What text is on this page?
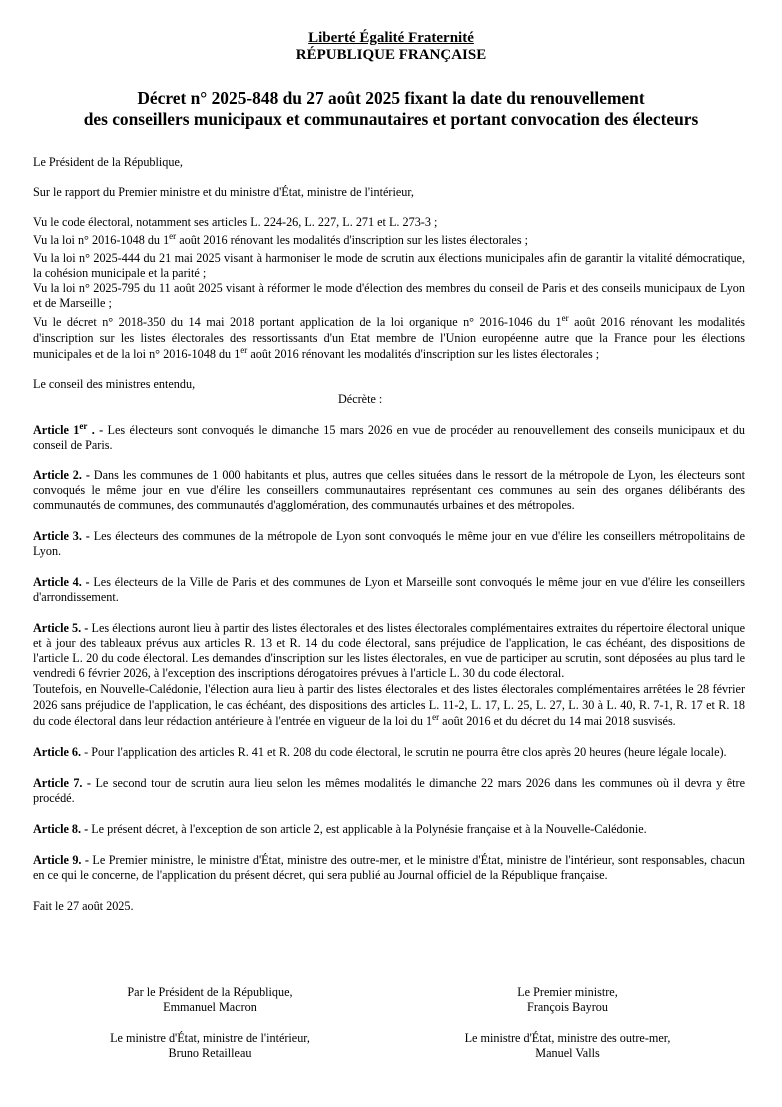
Liberté Égalité Fraternité
RÉPUBLIQUE FRANÇAISE
Décret n° 2025-848 du 27 août 2025 fixant la date du renouvellement
des conseillers municipaux et communautaires et portant convocation des électeurs

Le Président de la République,

Sur le rapport du Premier ministre et du ministre d'État, ministre de l'intérieur,

Vu le code électoral, notamment ses articles L. 224-26, L. 227, L. 271 et L. 273-3 ;

Vu la loi n° 2016-1048 du 1er août 2016 rénovant les modalités d'inscription sur les listes électorales ;

Vu la loi n° 2025-444 du 21 mai 2025 visant à harmoniser le mode de scrutin aux élections municipales afin de garantir la vitalité démocratique, la cohésion municipale et la parité ;

Vu la loi n° 2025-795 du 11 août 2025 visant à réformer le mode d'élection des membres du conseil de Paris et des conseils municipaux de Lyon et de Marseille ;

Vu le décret n° 2018-350 du 14 mai 2018 portant application de la loi organique n° 2016-1046 du 1er août 2016 rénovant les modalités d'inscription sur les listes électorales des ressortissants d'un Etat membre de l'Union européenne autre que la France pour les élections municipales et de la loi n° 2016-1048 du 1er août 2016 rénovant les modalités d'inscription sur les listes électorales ;

Le conseil des ministres entendu,

Décrète :

Article 1er . - Les électeurs sont convoqués le dimanche 15 mars 2026 en vue de procéder au renouvellement des conseils municipaux et du conseil de Paris.

Article 2. - Dans les communes de 1 000 habitants et plus, autres que celles situées dans le ressort de la métropole de Lyon, les électeurs sont convoqués le même jour en vue d'élire les conseillers communautaires représentant ces communes au sein des organes délibérants des communautés de communes, des communautés d'agglomération, des communautés urbaines et des métropoles.

Article 3. - Les électeurs des communes de la métropole de Lyon sont convoqués le même jour en vue d'élire les conseillers métropolitains de Lyon.

Article 4. - Les électeurs de la Ville de Paris et des communes de Lyon et Marseille sont convoqués le même jour en vue d'élire les conseillers d'arrondissement.

Article 5. - Les élections auront lieu à partir des listes électorales et des listes électorales complémentaires extraites du répertoire électoral unique et à jour des tableaux prévus aux articles R. 13 et R. 14 du code électoral, sans préjudice de l'application, le cas échéant, des dispositions de l'article L. 20 du code électoral. Les demandes d'inscription sur les listes électorales, en vue de participer au scrutin, sont déposées au plus tard le vendredi 6 février 2026, à l'exception des inscriptions dérogatoires prévues à l'article L. 30 du code électoral.

Toutefois, en Nouvelle-Calédonie, l'élection aura lieu à partir des listes électorales et des listes électorales complémentaires arrêtées le 28 février 2026 sans préjudice de l'application, le cas échéant, des dispositions des articles L. 11-2, L. 17, L. 25, L. 27, L. 30 à L. 40, R. 7-1, R. 17 et R. 18 du code électoral dans leur rédaction antérieure à l'entrée en vigueur de la loi du 1er août 2016 et du décret du 14 mai 2018 susvisés.

Article 6. - Pour l'application des articles R. 41 et R. 208 du code électoral, le scrutin ne pourra être clos après 20 heures (heure légale locale).

Article 7. - Le second tour de scrutin aura lieu selon les mêmes modalités le dimanche 22 mars 2026 dans les communes où il devra y être procédé.

Article 8. - Le présent décret, à l'exception de son article 2, est applicable à la Polynésie française et à la Nouvelle-Calédonie.

Article 9. - Le Premier ministre, le ministre d'État, ministre des outre-mer, et le ministre d'État, ministre de l'intérieur, sont responsables, chacun en ce qui le concerne, de l'application du présent décret, qui sera publié au Journal officiel de la République française.

Fait le 27 août 2025.

Par le Président de la République,
Emmanuel Macron
Le Premier ministre,
François Bayrou
Le ministre d'État, ministre de l'intérieur,
Bruno Retailleau
Le ministre d'État, ministre des outre-mer,
Manuel Valls
